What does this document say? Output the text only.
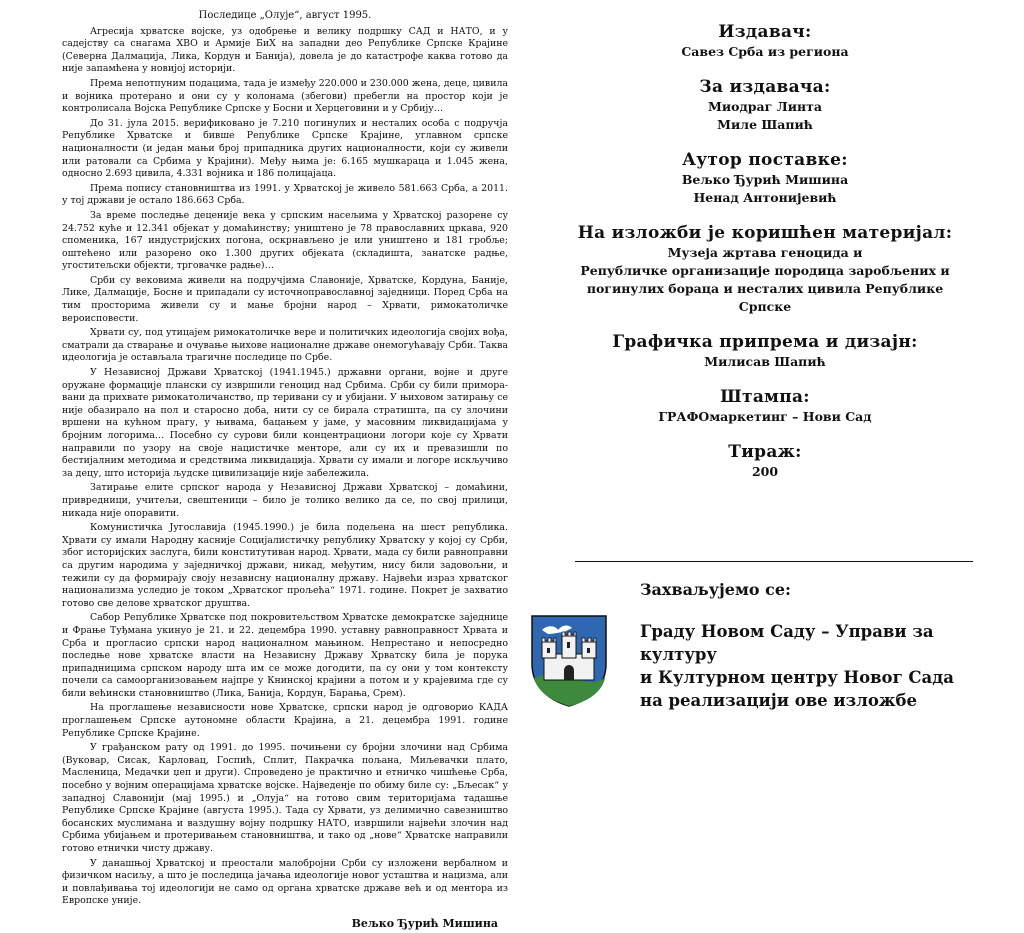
Последице „Олује“, август 1995.

Агресија хрватске војске, уз одобрење и велику подршку САД и НАТО, и у садејству са снагама ХВО и Армије БиХ на западни део Републике Српске Крајине (Северна Далмација, Лика, Кордун и Банија), довела је до катастрофе каква готово да није запамћена у новијој историји.

Према непотпуним подацима, тада је између 220.000 и 230.000 жена, деце, цивила и војника протерано и они су у колонама (збегови) пребегли на простор који је контролисала Војска Републике Српске у Босни и Херцеговини и у Србију…

До 31. јула 2015. верификовано је 7.210 погинулих и несталих особа с подручја Републике Хрватске и бивше Републике Српске Крајине, углавном српске националности (и један мањи број припадника других националности, који су живели или ратовали са Србима у Крајини). Међу њима је: 6.165 мушкараца и 1.045 жена, односно 2.693 цивила, 4.331 војника и 186 полицајаца.

Према попису становништва из 1991. у Хрватској је живело 581.663 Срба, а 2011. у тој држави је остало 186.663 Срба.

За време последње деценије века у српским насељима у Хрватској разорене су 24.752 куће и 12.341 објекат у домаћинству; уништено је 78 православних цркава, 920 споменика, 167 индустријских погона, оскрнављено је или уништено и 181 гробље; оштећено или разорено око 1.300 других објеката (складишта, занатске радње, угоститељски објекти, трговачке радње)…

Срби су вековима живели на подручјима Славоније, Хрватске, Кордуна, Баније, Лике, Далмације, Босне и припадали су источноправославној заједници. Поред Срба на тим просторима живели су и мање бројни народ – Хрвати, римокатоличке вероисповести.

Хрвати су, под утицајем римокатоличке вере и политичких идеологија својих вођа, сматрали да стварање и очување њихове националне државе онемогућавају Срби. Таква идеологија је остављала трагичне последице по Србе.

У Независној Држави Хрватској (1941.1945.) државни органи, војне и друге оружане формације плански су извршили геноцид над Србима. Срби су били приморавани да прихвате римокатоличанство, пр теривани су и убијани. У њиховом затирању се није обазирало на пол и старосно доба, нити су се бирала стратишта, па су злочини вршени на кућном прагу, у њивама, бацањем у јаме, у масовним ликвидацијама у бројним логорима… Посебно су сурови били концентрациони логори које су Хрвати направили по узору на своје нацистичке менторе, али су их и превазишли по бестијалним методима и средствима ликвидација. Хрвати су имали и логоре искључиво за децу, што историја људске цивилизације није забележила.

Затирање елите српског народа у Независној Држави Хрватској – домаћини, привредници, учитељи, свештеници – било је толико велико да се, по свој прилици, никада није опоравити.

Комунистичка Југославија (1945.1990.) је била подељена на шест република. Хрвати су имали Народну касније Социјалистичку републику Хрватску у којој су Срби, због историјских заслуга, били конститутиван народ. Хрвати, мада су били равноправни са другим народима у заједничкој држави, никад, међутим, нису били задовољни, и тежили су да формирају своју независну националну државу. Највећи израз хрватског национализма уследио је током „Хрватског прољећа“ 1971. године. Покрет је захватио готово све делове хрватског друштва.

Сабор Републике Хрватске под покровитељством Хрватске демократске заједнице и Фрање Туђмана укинуо је 21. и 22. децембра 1990. уставну равноправност Хрвата и Срба и прогласио српски народ националном мањином. Непрестано и непосредно последње нове хрватске власти на Независну Државу Хрватску била је порука припадницима српском народу шта им се може догодити, па су они у том контексту почели са самоорганизовањем најпре у Книнској крајини а потом и у крајевима где су били већински становништво (Лика, Банија, Кордун, Барања, Срем).

На проглашење независности нове Хрватске, српски народ је одговорио КАДА проглашењем Српске аутономне области Крајина, а 21. децембра 1991. године Републике Српске Крајине.

У грађанском рату од 1991. до 1995. почињени су бројни злочини над Србима (Вуковар, Сисак, Карловац, Госпић, Сплит, Пакрачка пољана, Миљевачки плато, Масленица, Медачки џеп и други). Спроведено је практично и етничко чишћење Срба, посебно у војним операцијама хрватске војске. Најведенје по обиму биле су: „Бљесак“ у западној Славонији (мај 1995.) и „Олуја“ на готово свим територијама тадашње Републике Српске Крајине (августа 1995.). Тада су Хрвати, уз делимично савезништво босанских муслимана и ваздушну војну подршку НАТО, извршили највећи злочин над Србима убијањем и протеривањем становништва, и тако од „нове“ Хрватске направили готово етнички чисту државу.

У данашњој Хрватској и преостали малобројни Срби су изложени вербалном и физичком насиљу, а што је последица јачања идеологије новог усташтва и нацизма, али и повлађивања тој идеологији не само од органа хрватске државе већ и од ментора из Европске уније.

Вељко Ђурић Мишина

Издавач:
Савез Срба из региона
За издавача:
Миодраг Линта
Миле Шапић
Аутор поставке:
Вељко Ђурић Мишина
Ненад Антонијевић
На изложби је коришћен материјал:
Музеја жртава геноцида и
Републичке организације породица заробљених и
погинулих бораца и несталих цивила Републике Српске
Графичка припрема и дизајн:
Милисав Шапић
Штампа:
ГРАФОмаркетинг – Нови Сад
Тираж:
200
Захваљујемо се:
Граду Новом Саду – Управи за културу
и Културном центру Новог Сада
на реализацији ове изложбе
